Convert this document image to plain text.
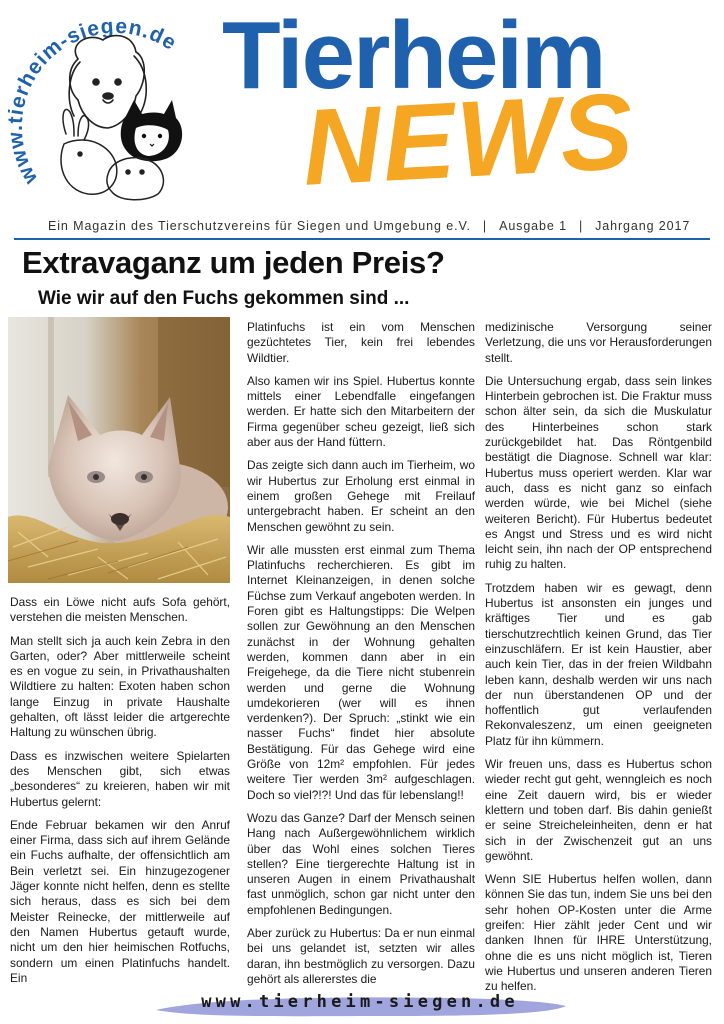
ww erheim-siegen.de Tierheim
NEWS
Ein Magazin des Tierschutzvereins für Siegen und Umgebung e.V. | Ausgabe 1 | Jahrgang 2017
Extravaganz um jeden Preis?
Wie wir auf den Fuchs gekommen sind ...

Dass ein Löwe nicht aufs Sofa gehört, verstehen die meisten Menschen.

Man stellt sich ja auch kein Zebra in den Garten, oder? Aber mittlerweile scheint es en vogue zu sein, in Privathaushalten Wildtiere zu halten: Exoten haben schon lange Einzug in private Haushalte gehalten, oft lässt leider die artgerechte Haltung zu wünschen übrig.

Dass es inzwischen weitere Spielarten des Menschen gibt, sich etwas „besonderes“ zu kreieren, haben wir mit Hubertus gelernt:

Ende Februar bekamen wir den Anruf einer Firma, dass sich auf ihrem Gelände ein Fuchs aufhalte, der offensichtlich am Bein verletzt sei. Ein hinzugezogener Jäger konnte nicht helfen, denn es stellte sich heraus, dass es sich bei dem Meister Reinecke, der mittlerweile auf den Namen Hubertus getauft wurde, nicht um den hier heimischen Rotfuchs, sondern um einen Platinfuchs handelt. Ein

Platinfuchs ist ein vom Menschen gezüchtetes Tier, kein frei lebendes Wildtier.

Also kamen wir ins Spiel. Hubertus konnte mittels einer Lebendfalle eingefangen werden. Er hatte sich den Mitarbeitern der Firma gegenüber scheu gezeigt, ließ sich aber aus der Hand füttern.

Das zeigte sich dann auch im Tierheim, wo wir Hubertus zur Erholung erst einmal in einem großen Gehege mit Freilauf untergebracht haben. Er scheint an den Menschen gewöhnt zu sein.

Wir alle mussten erst einmal zum Thema Platinfuchs recherchieren. Es gibt im Internet Kleinanzeigen, in denen solche Füchse zum Verkauf angeboten werden. In Foren gibt es Haltungstipps: Die Welpen sollen zur Gewöhnung an den Menschen zunächst in der Wohnung gehalten werden, kommen dann aber in ein Freigehege, da die Tiere nicht stubenrein werden und gerne die Wohnung umdekorieren (wer will es ihnen verdenken?). Der Spruch: „stinkt wie ein nasser Fuchs“ findet hier absolute Bestätigung. Für das Gehege wird eine Größe von 12m² empfohlen. Für jedes weitere Tier werden 3m² aufgeschlagen. Doch so viel?!?! Und das für lebenslang!!

Wozu das Ganze? Darf der Mensch seinen Hang nach Außergewöhnlichem wirklich über das Wohl eines solchen Tieres stellen? Eine tiergerechte Haltung ist in unseren Augen in einem Privathaushalt fast unmöglich, schon gar nicht unter den empfohlenen Bedingungen.

Aber zurück zu Hubertus: Da er nun einmal bei uns gelandet ist, setzten wir alles daran, ihn bestmöglich zu versorgen. Dazu gehört als allererstes die

medizinische Versorgung seiner Verletzung, die uns vor Herausforderungen stellt.

Die Untersuchung ergab, dass sein linkes Hinterbein gebrochen ist. Die Fraktur muss schon älter sein, da sich die Muskulatur des Hinterbeines schon stark zurückgebildet hat. Das Röntgenbild bestätigt die Diagnose. Schnell war klar: Hubertus muss operiert werden. Klar war auch, dass es nicht ganz so einfach werden würde, wie bei Michel (siehe weiteren Bericht). Für Hubertus bedeutet es Angst und Stress und es wird nicht leicht sein, ihn nach der OP entsprechend ruhig zu halten.

Trotzdem haben wir es gewagt, denn Hubertus ist ansonsten ein junges und kräftiges Tier und es gab tierschutzrechtlich keinen Grund, das Tier einzuschläfern. Er ist kein Haustier, aber auch kein Tier, das in der freien Wildbahn leben kann, deshalb werden wir uns nach der nun überstandenen OP und der hoffentlich gut verlaufenden Rekonvaleszenz, um einen geeigneten Platz für ihn kümmern.

Wir freuen uns, dass es Hubertus schon wieder recht gut geht, wenngleich es noch eine Zeit dauern wird, bis er wieder klettern und toben darf. Bis dahin genießt er seine Streicheleinheiten, denn er hat sich in der Zwischenzeit gut an uns gewöhnt.

Wenn SIE Hubertus helfen wollen, dann können Sie das tun, indem Sie uns bei den sehr hohen OP-Kosten unter die Arme greifen: Hier zählt jeder Cent und wir danken Ihnen für IHRE Unterstützung, ohne die es uns nicht möglich ist, Tieren wie Hubertus und unseren anderen Tieren zu helfen.

www.tierheim-siegen.de
